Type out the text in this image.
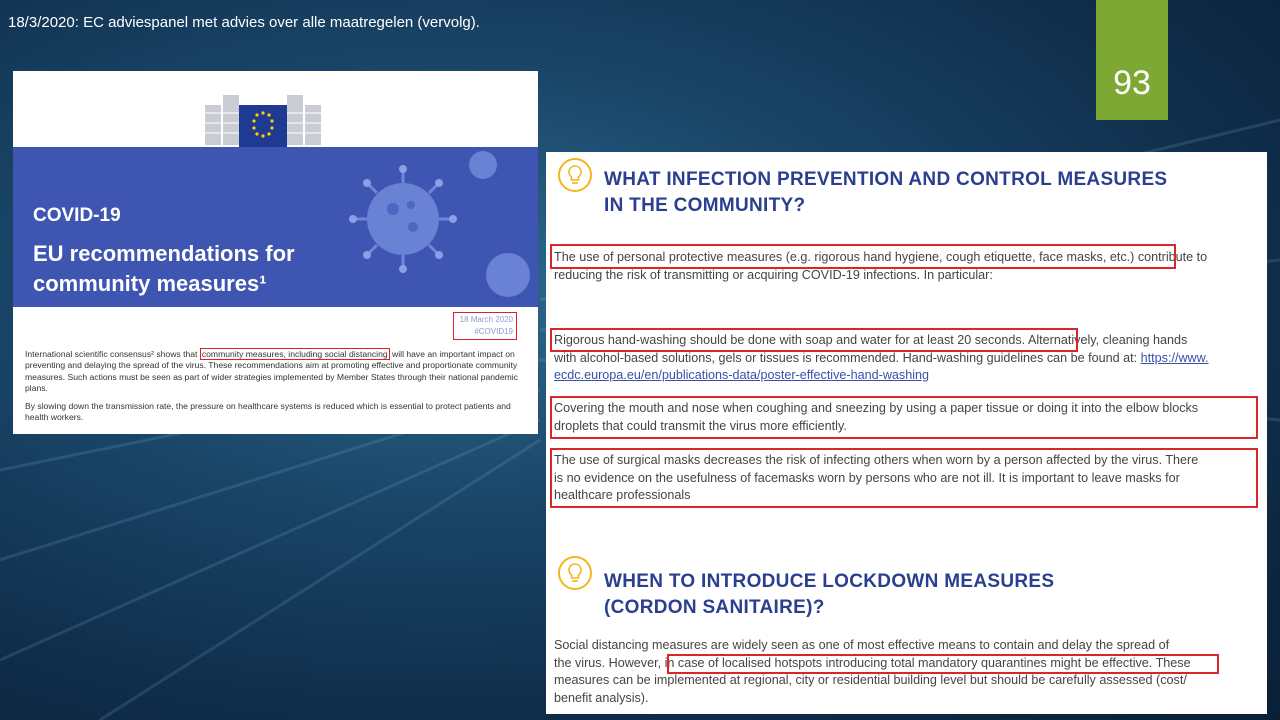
18/3/2020: EC adviespanel met advies over alle maatregelen (vervolg).
93
COVID-19
EU recommendations for community measures¹
18 March 2020
#COVID19

International scientific consensus² shows that community measures, including social distancing will have an important impact on preventing and delaying the spread of the virus. These recommendations aim at promoting effective and proportionate community measures. Such actions must be seen as part of wider strategies implemented by Member States through their national pandemic plans.

By slowing down the transmission rate, the pressure on healthcare systems is reduced which is essential to protect patients and health workers.

WHAT INFECTION PREVENTION AND CONTROL MEASURES
IN THE COMMUNITY?
The use of personal protective measures (e.g. rigorous hand hygiene, cough etiquette, face masks, etc.) contribute to
reducing the risk of transmitting or acquiring COVID-19 infections. In particular:
Rigorous hand-washing should be done with soap and water for at least 20 seconds. Alternatively, cleaning hands
with alcohol-based solutions, gels or tissues is recommended. Hand-washing guidelines can be found at: https://www.
ecdc.europa.eu/en/publications-data/poster-effective-hand-washing
Covering the mouth and nose when coughing and sneezing by using a paper tissue or doing it into the elbow blocks
droplets that could transmit the virus more efficiently.
The use of surgical masks decreases the risk of infecting others when worn by a person affected by the virus. There
is no evidence on the usefulness of facemasks worn by persons who are not ill. It is important to leave masks for
healthcare professionals
WHEN TO INTRODUCE LOCKDOWN MEASURES
(CORDON SANITAIRE)?
Social distancing measures are widely seen as one of most effective means to contain and delay the spread of
the virus. However, in case of localised hotspots introducing total mandatory quarantines might be effective. These
measures can be implemented at regional, city or residential building level but should be carefully assessed (cost/
benefit analysis).
